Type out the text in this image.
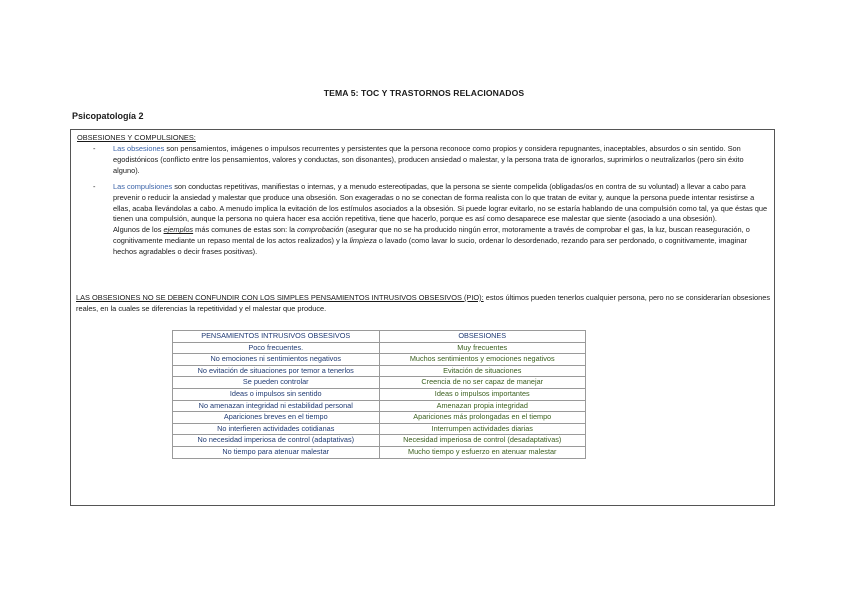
TEMA 5: TOC Y TRASTORNOS RELACIONADOS
Psicopatología 2
OBSESIONES Y COMPULSIONES:
- Las obsesiones son pensamientos, imágenes o impulsos recurrentes y persistentes que la persona reconoce como propios y considera repugnantes, inaceptables, absurdos o sin sentido. Son egodistónicos (conflicto entre los pensamientos, valores y conductas, son disonantes), producen ansiedad o malestar, y la persona trata de ignorarlos, suprimirlos o neutralizarlos (pero sin éxito alguno).
- Las compulsiones son conductas repetitivas, manifiestas o internas, y a menudo estereotipadas, que la persona se siente compelida (obligadas/os en contra de su voluntad) a llevar a cabo para prevenir o reducir la ansiedad y malestar que produce una obsesión. Son exageradas o no se conectan de forma realista con lo que tratan de evitar y, aunque la persona puede intentar resistirse a ellas, acaba llevándolas a cabo. A menudo implica la evitación de los estímulos asociados a la obsesión. Si puede lograr evitarlo, no se estaría hablando de una compulsión como tal, ya que éstas que tienen una compulsión, aunque la persona no quiera hacer esa acción repetitiva, tiene que hacerlo, porque es así como desaparece ese malestar que siente (asociado a una obsesión).
Algunos de los ejemplos más comunes de estas son: la comprobación (asegurar que no se ha producido ningún error, motoramente a través de comprobar el gas, la luz, buscan reaseguración, o cognitivamente mediante un repaso mental de los actos realizados) y la limpieza o lavado (como lavar lo sucio, ordenar lo desordenado, rezando para ser perdonado, o cognitivamente, imaginar hechos agradables o decir frases positivas).
LAS OBSESIONES NO SE DEBEN CONFUNDIR CON LOS SIMPLES PENSAMIENTOS INTRUSIVOS OBSESIVOS (PIO): estos últimos pueden tenerlos cualquier persona, pero no se considerarían obsesiones reales, en la cuales se diferencias la repetitividad y el malestar que produce.
PENSAMIENTOS INTRUSIVOS OBSESIVOS	OBSESIONES
Poco frecuentes.	Muy frecuentes
No emociones ni sentimientos negativos	Muchos sentimientos y emociones negativos
No evitación de situaciones por temor a tenerlos	Evitación de situaciones
Se pueden controlar	Creencia de no ser capaz de manejar
Ideas o impulsos sin sentido	Ideas o impulsos importantes
No amenazan integridad ni estabilidad personal	Amenazan propia integridad
Apariciones breves en el tiempo	Apariciones más prolongadas en el tiempo
No interfieren actividades cotidianas	Interrumpen actividades diarias
No necesidad imperiosa de control (adaptativas)	Necesidad imperiosa de control (desadaptativas)
No tiempo para atenuar malestar	Mucho tiempo y esfuerzo en atenuar malestar
